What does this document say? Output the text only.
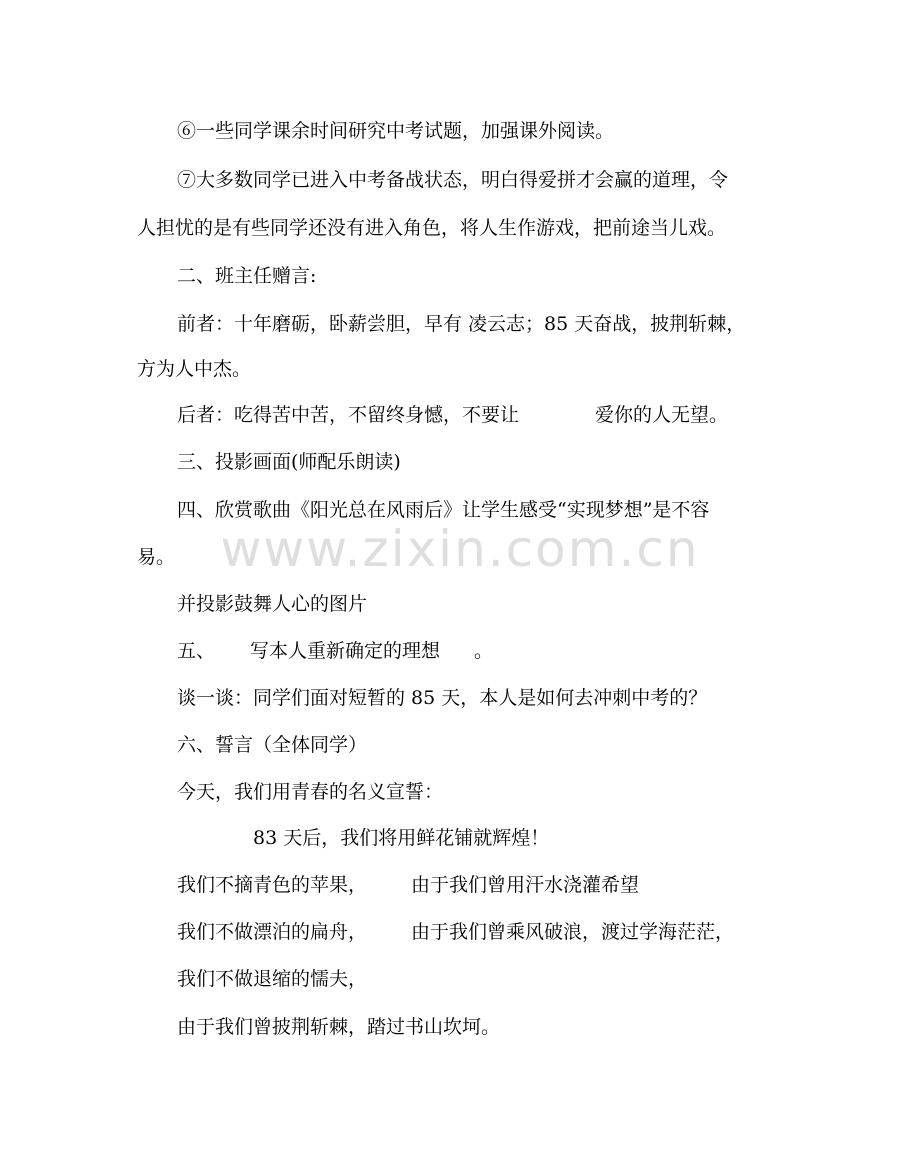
www.zixin.com.cn
⑥一些同学课余时间研究中考试题，加强课外阅读。
⑦大多数同学已进入中考备战状态，明白得爱拼才会赢的道理，令
人担忧的是有些同学还没有进入角色，将人生作游戏，把前途当儿戏。
二、班主任赠言:
前者：十年磨砺，卧薪尝胆，早有 凌云志；85 天奋战，披荆斩棘，
方为人中杰。
后者：吃得苦中苦，不留终身憾，不要让	爱你的人无望。
三、投影画面(师配乐朗读)
四、欣赏歌曲《阳光总在风雨后》让学生感受“实现梦想”是不容
易。
并投影鼓舞人心的图片
五、 写本人重新确定的理想 。
谈一谈：同学们面对短暂的 85 天，本人是如何去冲刺中考的？
六、誓言（全体同学）
今天，我们用青春的名义宣誓：
83 天后，我们将用鲜花铺就辉煌！
我们不摘青色的苹果， 由于我们曾用汗水浇灌希望
我们不做漂泊的扁舟， 由于我们曾乘风破浪，渡过学海茫茫，
我们不做退缩的懦夫，
由于我们曾披荆斩棘，踏过书山坎坷。
